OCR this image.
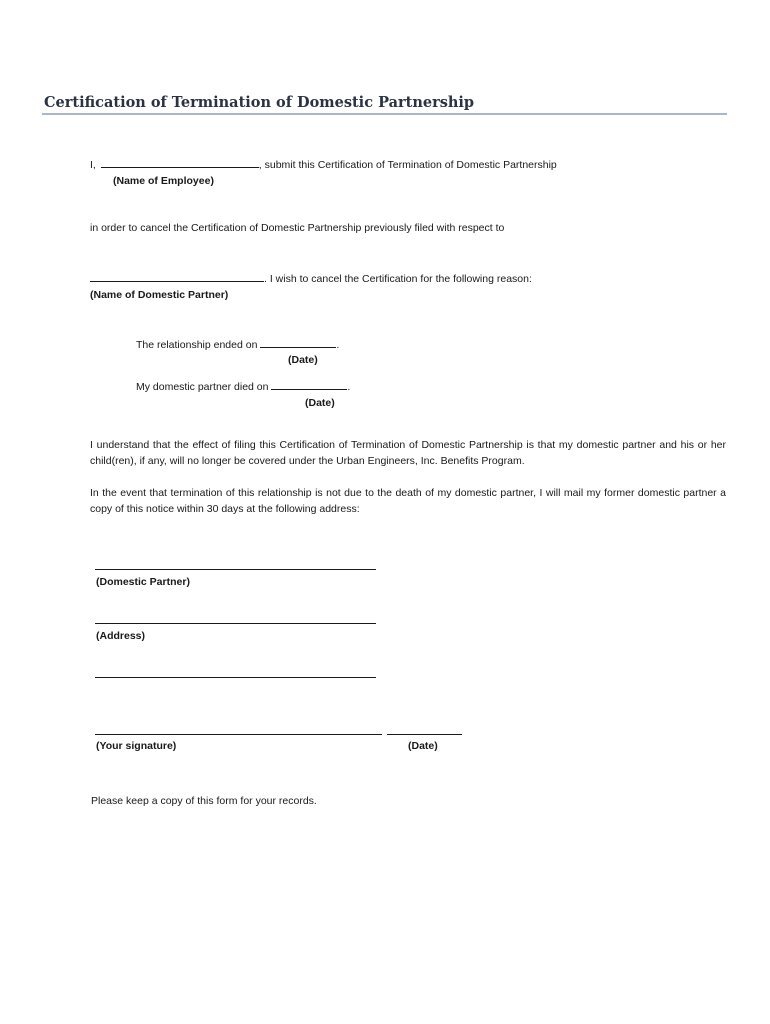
Certification of Termination of Domestic Partnership
I,	, submit this Certification of Termination of Domestic Partnership
(Name of Employee)
in order to cancel the Certification of Domestic Partnership previously filed with respect to
. I wish to cancel the Certification for the following reason:
(Name of Domestic Partner)
The relationship ended on	.
(Date)
My domestic partner died on	.
(Date)
I understand that the effect of filing this Certification of Termination of Domestic Partnership is that my domestic partner and his or her child(ren), if any, will no longer be covered under the Urban Engineers, Inc. Benefits Program.
In the event that termination of this relationship is not due to the death of my domestic partner, I will mail my former domestic partner a copy of this notice within 30 days at the following address:
(Domestic Partner)
(Address)
(Your signature)	(Date)
Please keep a copy of this form for your records.
